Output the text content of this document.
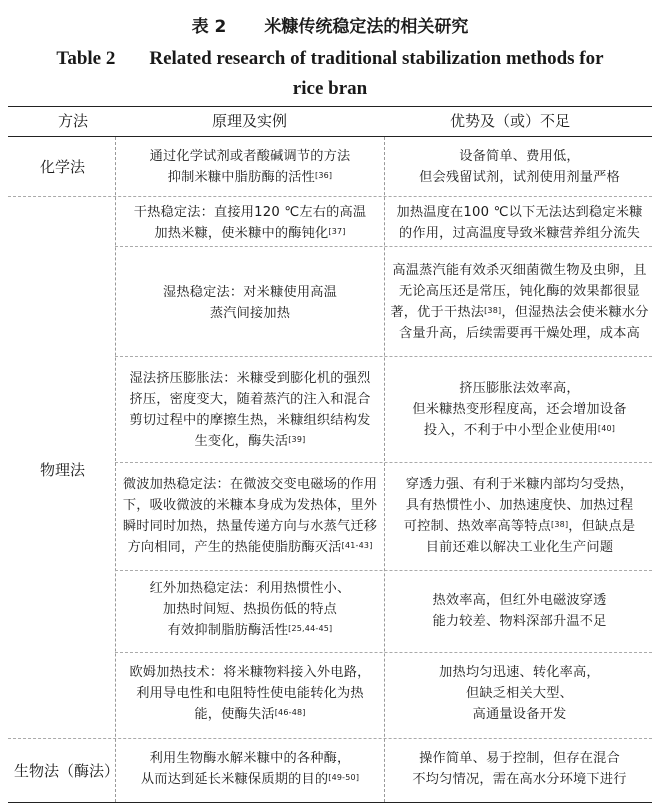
表 2 米糠传统稳定法的相关研究
Table 2 Related research of traditional stabilization methods for
rice bran
方法	原理及实例	优势及（或）不足
化学法
物理法
生物法（酶法）
通过化学试剂或者酸碱调节的方法
抑制米糠中脂肪酶的活性[36]
设备简单、费用低，
但会残留试剂，试剂使用剂量严格
干热稳定法：直接用120 ℃左右的高温
加热米糠，使米糠中的酶钝化[37]
加热温度在100 ℃以下无法达到稳定米糠
的作用，过高温度导致米糠营养组分流失
湿热稳定法：对米糠使用高温
蒸汽间接加热
高温蒸汽能有效杀灭细菌微生物及虫卵，且
无论高压还是常压，钝化酶的效果都很显
著，优于干热法[38]，但湿热法会使米糠水分
含量升高，后续需要再干燥处理，成本高
湿法挤压膨胀法：米糠受到膨化机的强烈
挤压，密度变大，随着蒸汽的注入和混合
剪切过程中的摩擦生热，米糠组织结构发
生变化，酶失活[39]
挤压膨胀法效率高，
但米糠热变形程度高，还会增加设备
投入，不利于中小型企业使用[40]
微波加热稳定法：在微波交变电磁场的作用
下，吸收微波的米糠本身成为发热体，里外
瞬时同时加热，热量传递方向与水蒸气迁移
方向相同，产生的热能使脂肪酶灭活[41-43]
穿透力强、有利于米糠内部均匀受热，
具有热惯性小、加热速度快、加热过程
可控制、热效率高等特点[38]，但缺点是
目前还难以解决工业化生产问题
红外加热稳定法：利用热惯性小、
加热时间短、热损伤低的特点
有效抑制脂肪酶活性[25,44-45]
热效率高，但红外电磁波穿透
能力较差、物料深部升温不足
欧姆加热技术：将米糠物料接入外电路，
利用导电性和电阻特性使电能转化为热
能，使酶失活[46-48]
加热均匀迅速、转化率高，
但缺乏相关大型、
高通量设备开发
利用生物酶水解米糠中的各种酶，
从而达到延长米糠保质期的目的[49-50]
操作简单、易于控制，但存在混合
不均匀情况，需在高水分环境下进行
